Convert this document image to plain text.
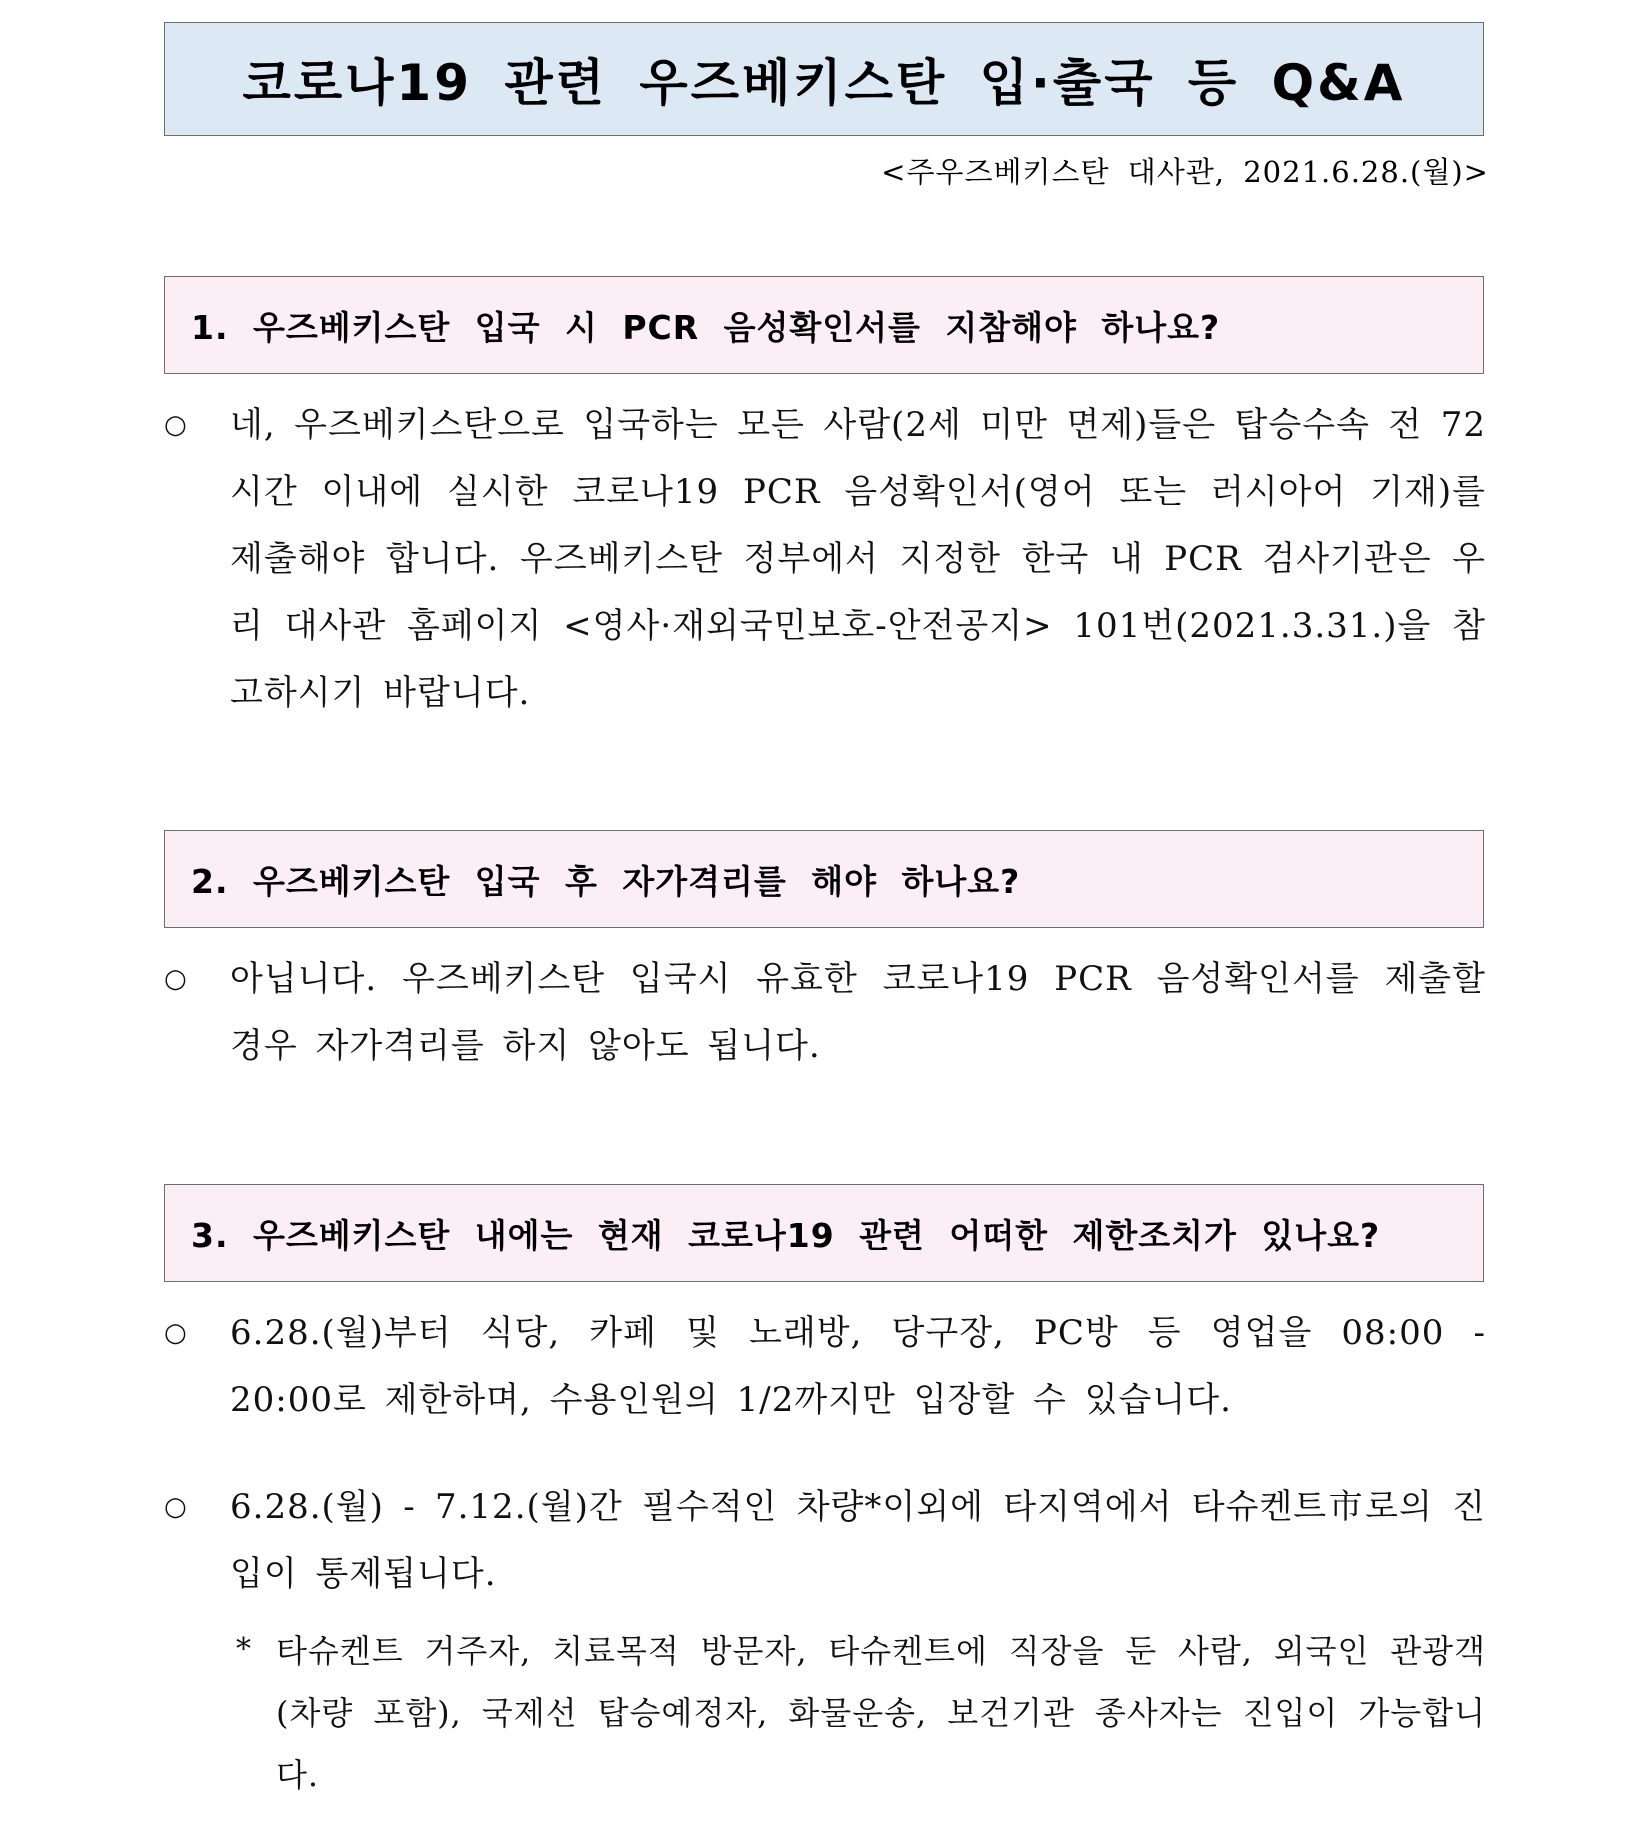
코로나19 관련 우즈베키스탄 입·출국 등 Q&A
<주우즈베키스탄 대사관, 2021.6.28.(월)>
1. 우즈베키스탄 입국 시 PCR 음성확인서를 지참해야 하나요?
○ 네, 우즈베키스탄으로 입국하는 모든 사람(2세 미만 면제)들은 탑승수속 전 72시간 이내에 실시한 코로나19 PCR 음성확인서(영어 또는 러시아어 기재)를 제출해야 합니다. 우즈베키스탄 정부에서 지정한 한국 내 PCR 검사기관은 우리 대사관 홈페이지 <영사·재외국민보호-안전공지> 101번(2021.3.31.)을 참고하시기 바랍니다.
2. 우즈베키스탄 입국 후 자가격리를 해야 하나요?
○ 아닙니다. 우즈베키스탄 입국시 유효한 코로나19 PCR 음성확인서를 제출할 경우 자가격리를 하지 않아도 됩니다.
3. 우즈베키스탄 내에는 현재 코로나19 관련 어떠한 제한조치가 있나요?
○ 6.28.(월)부터 식당, 카페 및 노래방, 당구장, PC방 등 영업을 08:00 - 20:00로 제한하며, 수용인원의 1/2까지만 입장할 수 있습니다.
○ 6.28.(월) - 7.12.(월)간 필수적인 차량*이외에 타지역에서 타슈켄트市로의 진입이 통제됩니다.
* 타슈켄트 거주자, 치료목적 방문자, 타슈켄트에 직장을 둔 사람, 외국인 관광객(차량 포함), 국제선 탑승예정자, 화물운송, 보건기관 종사자는 진입이 가능합니다.
